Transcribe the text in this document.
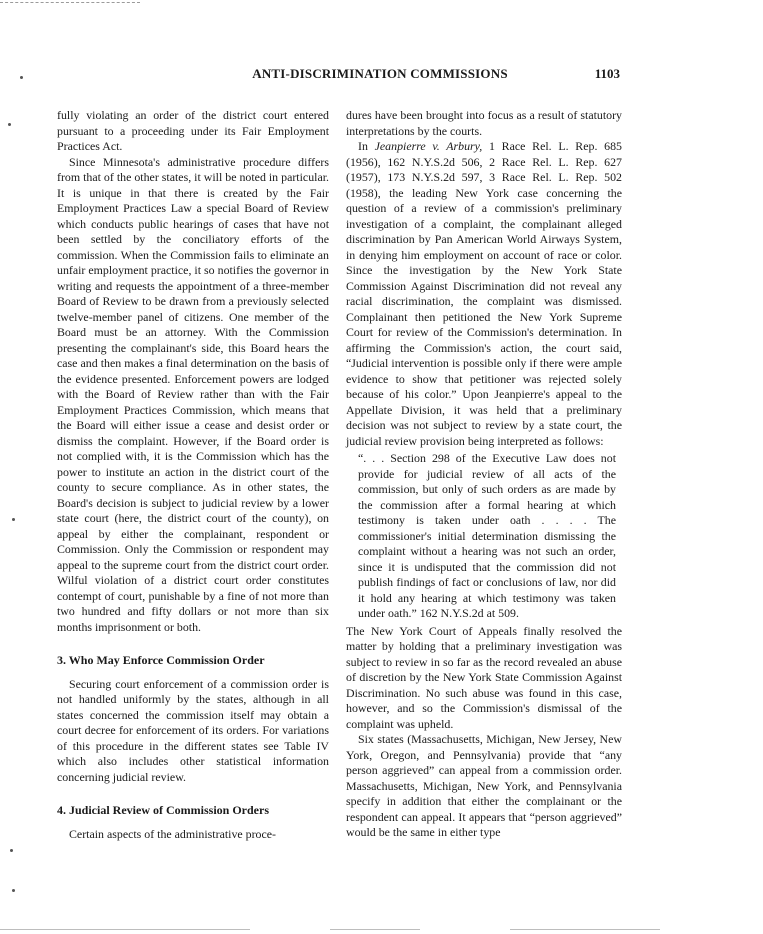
ANTI-DISCRIMINATION COMMISSIONS	1103

fully violating an order of the district court entered pursuant to a proceeding under its Fair Employment Practices Act.

Since Minnesota's administrative procedure differs from that of the other states, it will be noted in particular. It is unique in that there is created by the Fair Employment Practices Law a special Board of Review which conducts public hearings of cases that have not been settled by the conciliatory efforts of the commission. When the Commission fails to eliminate an unfair employment practice, it so notifies the governor in writing and requests the appointment of a three-member Board of Review to be drawn from a previously selected twelve-member panel of citizens. One member of the Board must be an attorney. With the Commission presenting the complainant's side, this Board hears the case and then makes a final determination on the basis of the evidence presented. Enforcement powers are lodged with the Board of Review rather than with the Fair Employment Practices Commission, which means that the Board will either issue a cease and desist order or dismiss the complaint. However, if the Board order is not complied with, it is the Commission which has the power to institute an action in the district court of the county to secure compliance. As in other states, the Board's decision is subject to judicial review by a lower state court (here, the district court of the county), on appeal by either the complainant, respondent or Commission. Only the Commission or respondent may appeal to the supreme court from the district court order. Wilful violation of a district court order constitutes contempt of court, punishable by a fine of not more than two hundred and fifty dollars or not more than six months imprisonment or both.

3. Who May Enforce Commission Order

Securing court enforcement of a commission order is not handled uniformly by the states, although in all states concerned the commission itself may obtain a court decree for enforcement of its orders. For variations of this procedure in the different states see Table IV which also includes other statistical information concerning judicial review.

4. Judicial Review of Commission Orders

Certain aspects of the administrative proce-

dures have been brought into focus as a result of statutory interpretations by the courts.

In Jeanpierre v. Arbury, 1 Race Rel. L. Rep. 685 (1956), 162 N.Y.S.2d 506, 2 Race Rel. L. Rep. 627 (1957), 173 N.Y.S.2d 597, 3 Race Rel. L. Rep. 502 (1958), the leading New York case concerning the question of a review of a commission's preliminary investigation of a complaint, the complainant alleged discrimination by Pan American World Airways System, in denying him employment on account of race or color. Since the investigation by the New York State Commission Against Discrimination did not reveal any racial discrimination, the complaint was dismissed. Complainant then petitioned the New York Supreme Court for review of the Commission's determination. In affirming the Commission's action, the court said, “Judicial intervention is possible only if there were ample evidence to show that petitioner was rejected solely because of his color.” Upon Jeanpierre's appeal to the Appellate Division, it was held that a preliminary decision was not subject to review by a state court, the judicial review provision being interpreted as follows:

“. . . Section 298 of the Executive Law does not provide for judicial review of all acts of the commission, but only of such orders as are made by the commission after a formal hearing at which testimony is taken under oath . . . . The commissioner's initial determination dismissing the complaint without a hearing was not such an order, since it is undisputed that the commission did not publish findings of fact or conclusions of law, nor did it hold any hearing at which testimony was taken under oath.” 162 N.Y.S.2d at 509.

The New York Court of Appeals finally resolved the matter by holding that a preliminary investigation was subject to review in so far as the record revealed an abuse of discretion by the New York State Commission Against Discrimination. No such abuse was found in this case, however, and so the Commission's dismissal of the complaint was upheld.

Six states (Massachusetts, Michigan, New Jersey, New York, Oregon, and Pennsylvania) provide that “any person aggrieved” can appeal from a commission order. Massachusetts, Michigan, New York, and Pennsylvania specify in addition that either the complainant or the respondent can appeal. It appears that “person aggrieved” would be the same in either type
